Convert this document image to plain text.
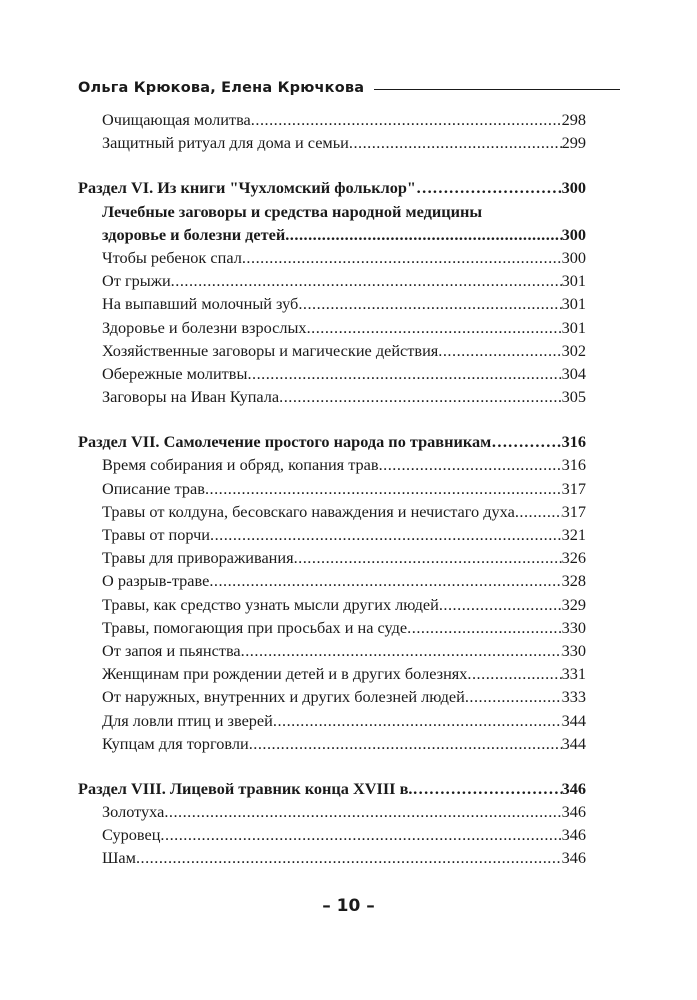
Ольга Крюкова, Елена Крючкова
Очищающая молитва .....	298
Защитный ритуал для дома и семьи .....	299
Раздел VI. Из книги "Чухломский фольклор" ………………………………………………………………………………………………………………	300
Лечебные заговоры и средства народной медицины
здоровье и болезни детей .....	300
Чтобы ребенок спал .....	300
От грыжи .....	301
На выпавший молочный зуб .....	301
Здоровье и болезни взрослых .....	301
Хозяйственные заговоры и магические действия .....	302
Обережные молитвы .....	304
Заговоры на Иван Купала .....	305
Раздел VII. Самолечение простого народа по травникам ………………………………………………………………………………………………………………	316
Время собирания и обряд, копания трав .....	316
Описание трав .....	317
Травы от колдуна, бесовскаго наваждения и нечистаго духа .....	317
Травы от порчи .....	321
Травы для привораживания .....	326
О разрыв-траве .....	328
Травы, как средство узнать мысли других людей .....	329
Травы, помогающия при просьбах и на суде .....	330
От запоя и пьянства .....	330
Женщинам при рождении детей и в других болезнях .....	331
От наружных, внутренних и других болезней людей .....	333
Для ловли птиц и зверей .....	344
Купцам для торговли .....	344
Раздел VIII. Лицевой травник конца XVIII в. ………………………………………………………………………………………………………………	346
Золотуха .....	346
Суровец .....	346
Шам .....	346
– 10 –
